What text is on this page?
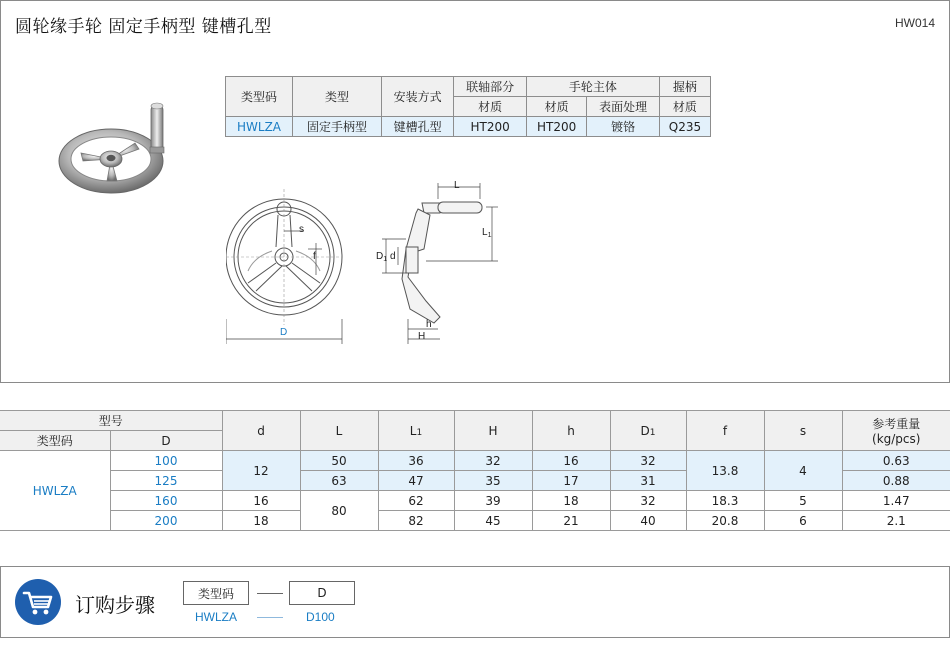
圆轮缘手轮 固定手柄型 键槽孔型	HW014
类型码	类型	安装方式	联轴部分	手轮主体		握柄
			材质	材质	表面处理	材质
HWLZA	固定手柄型	键槽孔型	HT200	HT200	镀铬	Q235
s
f
D
L
$L_1$
$D_1$ d
h
H
型号		d	L	L1	H	h	D1	f	s	参考重量
(kg/pcs)

类型码	D									
HWLZA	100	12	50	36	32	16	32	13.8	4	0.63
	125		63	47	35	17	31			0.88
	160	16	80	62	39	18	32	18.3	5	1.47
	200	18		82	45	21	40	20.8	6	2.1
订购步骤	类型码	D
HWLZA	D100
